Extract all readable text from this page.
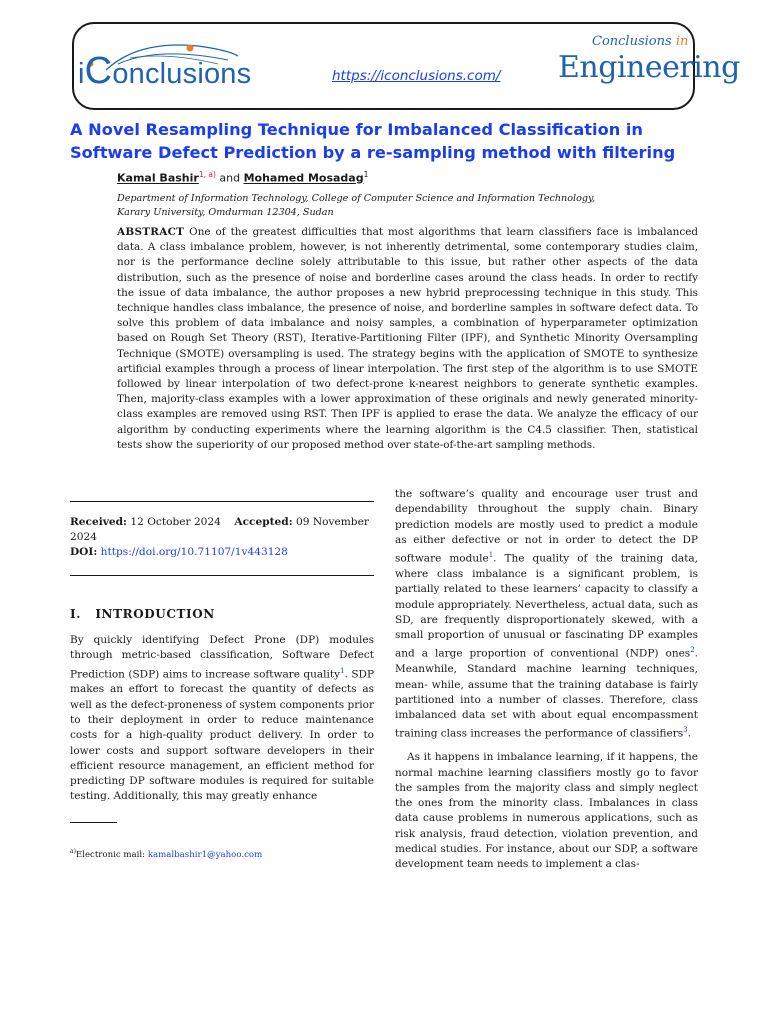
iConclusions	https://iconclusions.com/
Conclusions in
Engineering
A Novel Resampling Technique for Imbalanced Classification in Software Defect Prediction by a re-sampling method with filtering
Kamal Bashir$^{1, a)}$ and Mohamed Mosadag$^1$
Department of Information Technology, College of Computer Science and Information Technology,
Karary University, Omdurman 12304, Sudan

ABSTRACT One of the greatest difficulties that most algorithms that learn classifiers face is imbalanced data. A class imbalance problem, however, is not inherently detrimental, some contemporary studies claim, nor is the performance decline solely attributable to this issue, but rather other aspects of the data distribution, such as the presence of noise and borderline cases around the class heads. In order to rectify the issue of data imbalance, the author proposes a new hybrid preprocessing technique in this study. This technique handles class imbalance, the presence of noise, and borderline samples in software defect data. To solve this problem of data imbalance and noisy samples, a combination of hyperparameter optimization based on Rough Set Theory (RST), Iterative-Partitioning Filter (IPF), and Synthetic Minority Oversampling Technique (SMOTE) oversampling is used. The strategy begins with the application of SMOTE to synthesize artificial examples through a process of linear interpolation. The first step of the algorithm is to use SMOTE followed by linear interpolation of two defect-prone k-nearest neighbors to generate synthetic examples. Then, majority-class examples with a lower approximation of these originals and newly generated minority-class examples are removed using RST. Then IPF is applied to erase the data. We analyze the efficacy of our algorithm by conducting experiments where the learning algorithm is the C4.5 classifier. Then, statistical tests show the superiority of our proposed method over state-of-the-art sampling methods.

Received: 12 October 2024 Accepted: 09 November 2024
DOI: https://doi.org/10.71107/1v443128
I. INTRODUCTION

By quickly identifying Defect Prone (DP) modules through metric-based classification, Software Defect Prediction (SDP) aims to increase software quality$^1$. SDP makes an effort to forecast the quantity of defects as well as the defect-proneness of system components prior to their deployment in order to reduce maintenance costs for a high-quality product delivery. In order to lower costs and support software developers in their efficient resource management, an efficient method for predicting DP software modules is required for suitable testing. Additionally, this may greatly enhance

$^{a)}$Electronic mail: kamalbashir1@yahoo.com

the software’s quality and encourage user trust and dependability throughout the supply chain. Binary prediction models are mostly used to predict a module as either defective or not in order to detect the DP software module$^1$. The quality of the training data, where class imbalance is a significant problem, is partially related to these learners’ capacity to classify a module appropriately. Nevertheless, actual data, such as SD, are frequently disproportionately skewed, with a small proportion of unusual or fascinating DP examples and a large proportion of conventional (NDP) ones$^2$. Meanwhile, Standard machine learning techniques, mean- while, assume that the training database is fairly partitioned into a number of classes. Therefore, class imbalanced data set with about equal encompassment training class increases the performance of classifiers$^3$.

As it happens in imbalance learning, if it happens, the normal machine learning classifiers mostly go to favor the samples from the majority class and simply neglect the ones from the minority class. Imbalances in class data cause problems in numerous applications, such as risk analysis, fraud detection, violation prevention, and medical studies. For instance, about our SDP, a software development team needs to implement a clas-
